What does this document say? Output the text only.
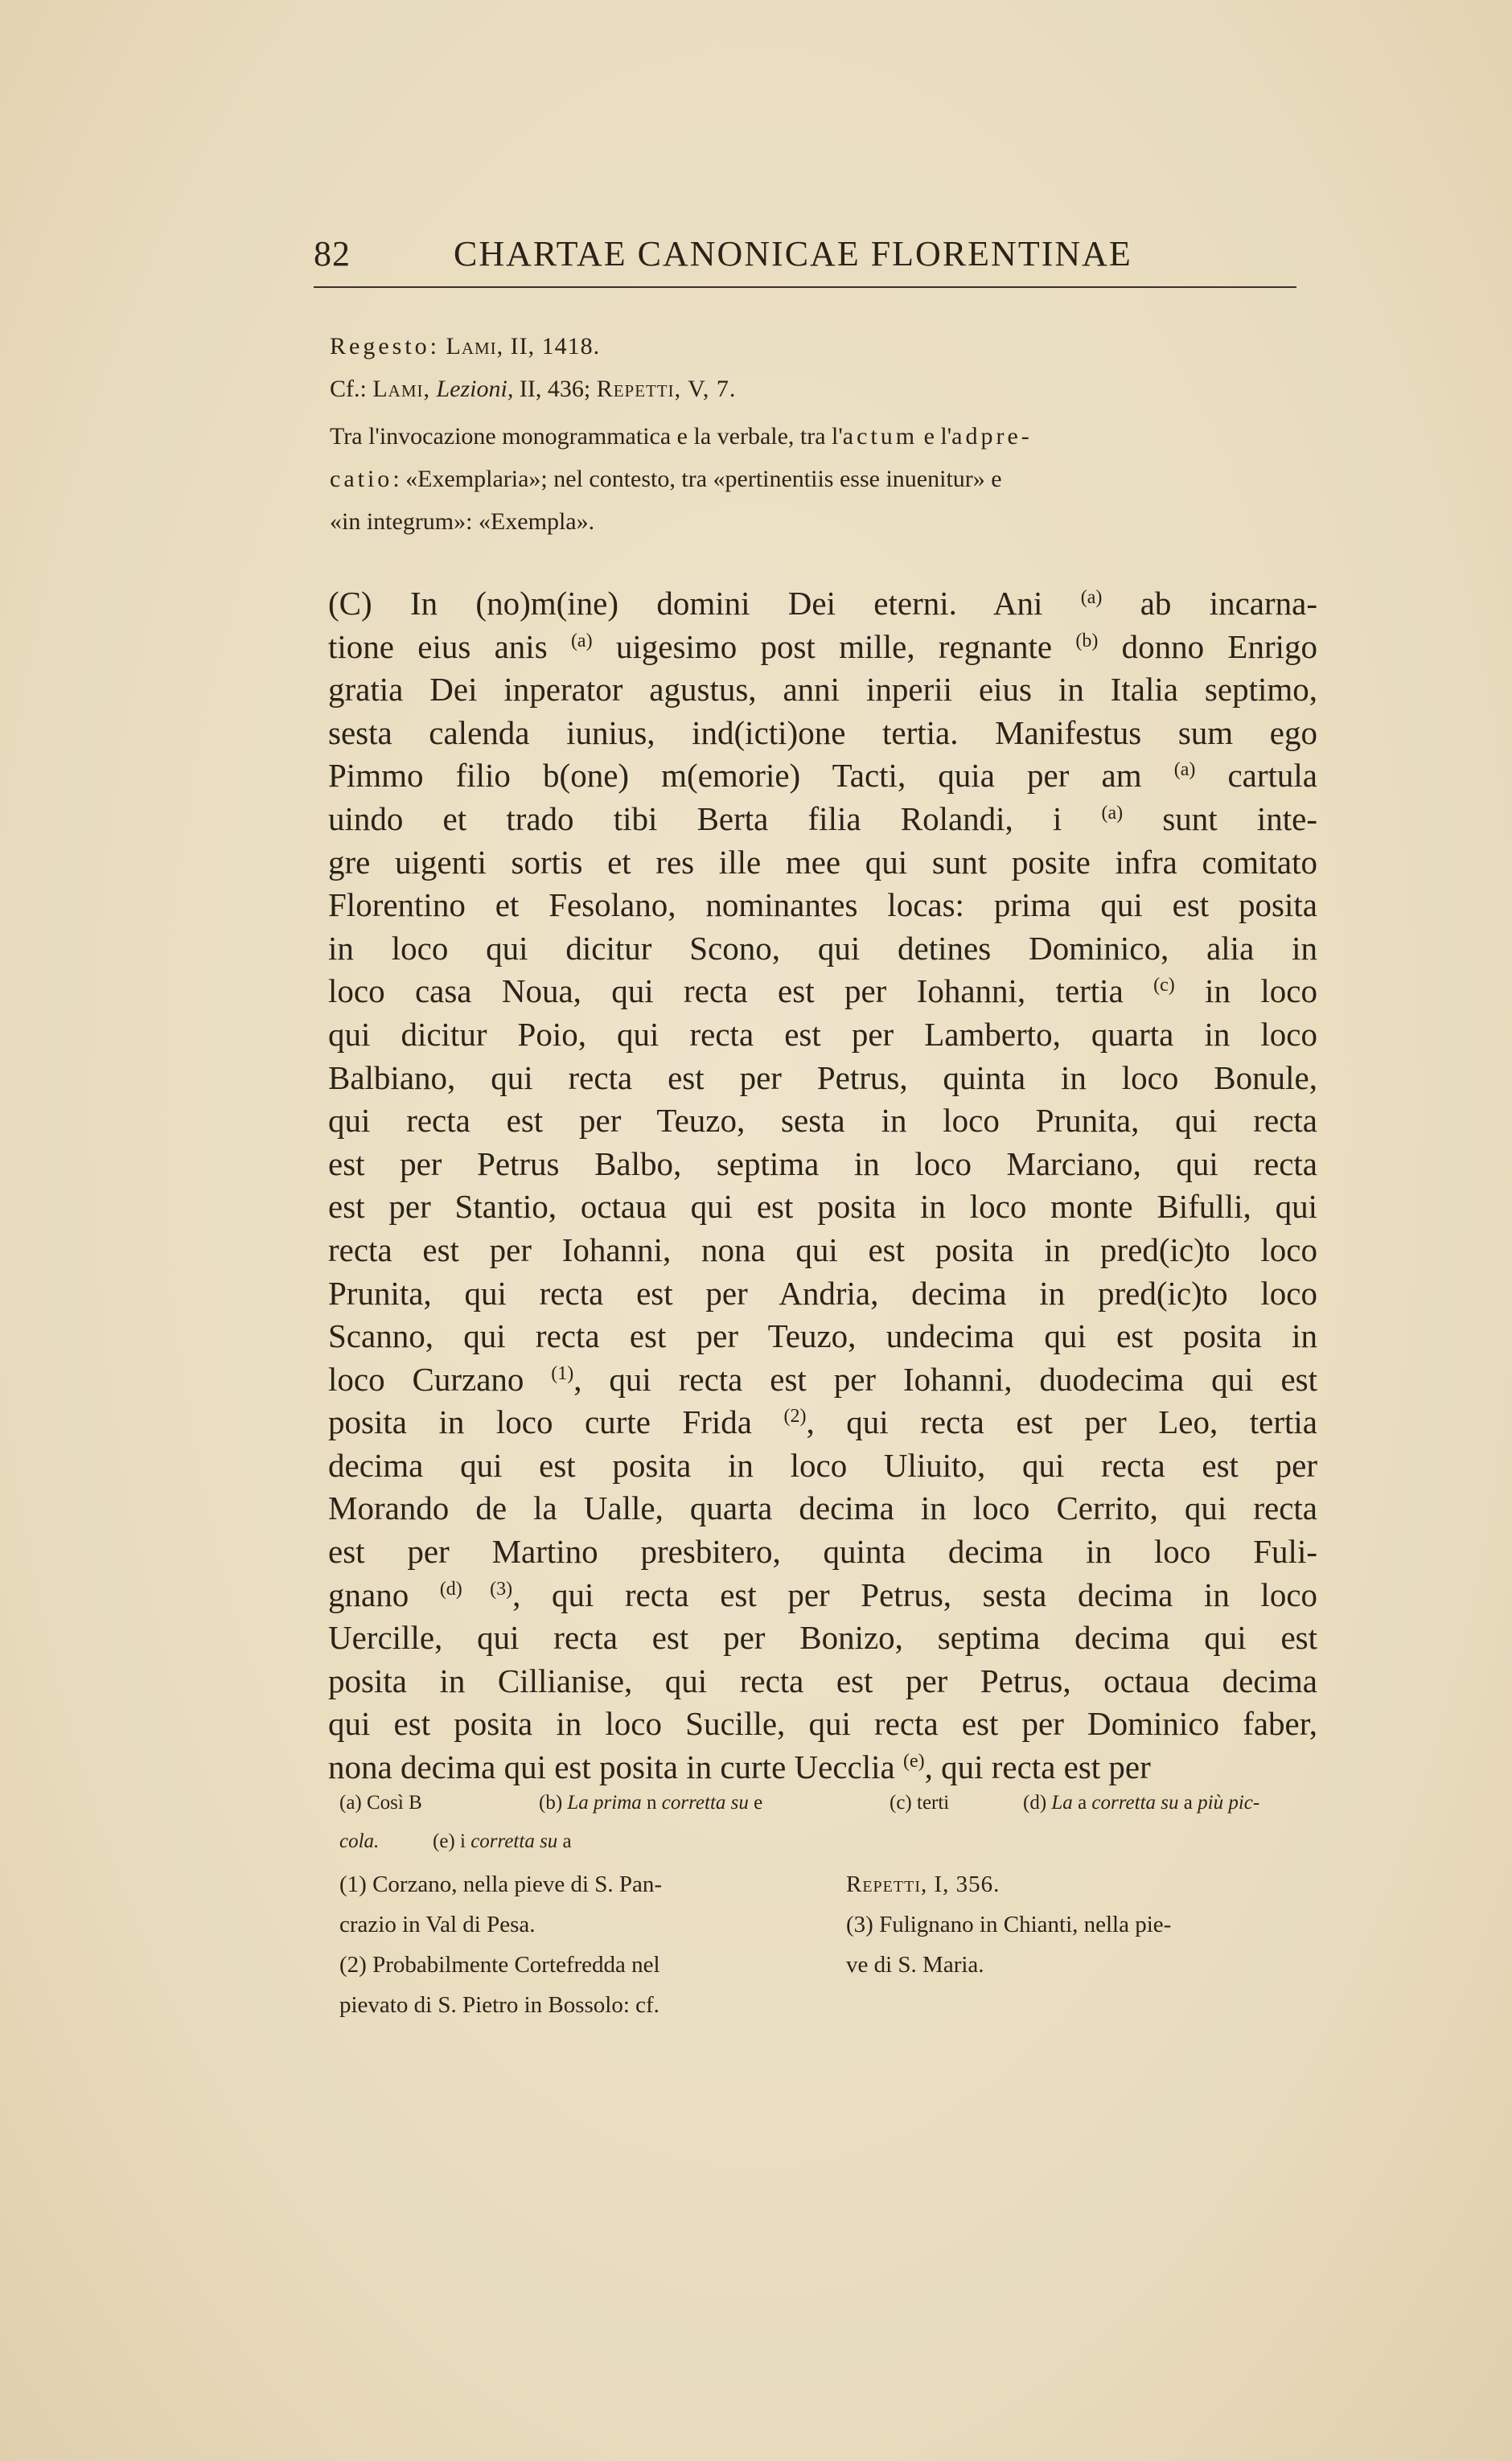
82	CHARTAE CANONICAE FLORENTINAE
Regesto: Lami, II, 1418.
Cf.: Lami, Lezioni, II, 436; Repetti, V, 7.
Tra l'invocazione monogrammatica e la verbale, tra l'actum e l'adpre-
catio: «Exemplaria»; nel contesto, tra «pertinentiis esse inuenitur» e
«in integrum»: «Exempla».
(C) In (no)m(ine) domini Dei eterni. Ani $^{(a)}$ ab incarna-
tione eius anis $^{(a)}$ uigesimo post mille, regnante $^{(b)}$ donno Enrigo
gratia Dei inperator agustus, anni inperii eius in Italia septimo,
sesta calenda iunius, ind(icti)one tertia. Manifestus sum ego
Pimmo filio b(one) m(emorie) Tacti, quia per am $^{(a)}$ cartula
uindo et trado tibi Berta filia Rolandi, i $^{(a)}$ sunt inte-
gre uigenti sortis et res ille mee qui sunt posite infra comitato
Florentino et Fesolano, nominantes locas: prima qui est posita
in loco qui dicitur Scono, qui detines Dominico, alia in
loco casa Noua, qui recta est per Iohanni, tertia $^{(c)}$ in loco
qui dicitur Poio, qui recta est per Lamberto, quarta in loco
Balbiano, qui recta est per Petrus, quinta in loco Bonule,
qui recta est per Teuzo, sesta in loco Prunita, qui recta
est per Petrus Balbo, septima in loco Marciano, qui recta
est per Stantio, octaua qui est posita in loco monte Bifulli, qui
recta est per Iohanni, nona qui est posita in pred(ic)to loco
Prunita, qui recta est per Andria, decima in pred(ic)to loco
Scanno, qui recta est per Teuzo, undecima qui est posita in
loco Curzano $^{(1)}$, qui recta est per Iohanni, duodecima qui est
posita in loco curte Frida $^{(2)}$, qui recta est per Leo, tertia
decima qui est posita in loco Uliuito, qui recta est per
Morando de la Ualle, quarta decima in loco Cerrito, qui recta
est per Martino presbitero, quinta decima in loco Fuli-
gnano $^{(d) (3)}$, qui recta est per Petrus, sesta decima in loco
Uercille, qui recta est per Bonizo, septima decima qui est
posita in Cillianise, qui recta est per Petrus, octaua decima
qui est posita in loco Sucille, qui recta est per Dominico faber,
nona decima qui est posita in curte Uecclia $^{(e)}$, qui recta est per
(a) Così B	(b) La prima n corretta su e	(c) terti	(d) La a corretta su a più pic-
cola.	(e) i corretta su a
(1) Corzano, nella pieve di S. Pan-
crazio in Val di Pesa.
(2) Probabilmente Cortefredda nel
pievato di S. Pietro in Bossolo: cf.
Repetti, I, 356.
(3) Fulignano in Chianti, nella pie-
ve di S. Maria.
